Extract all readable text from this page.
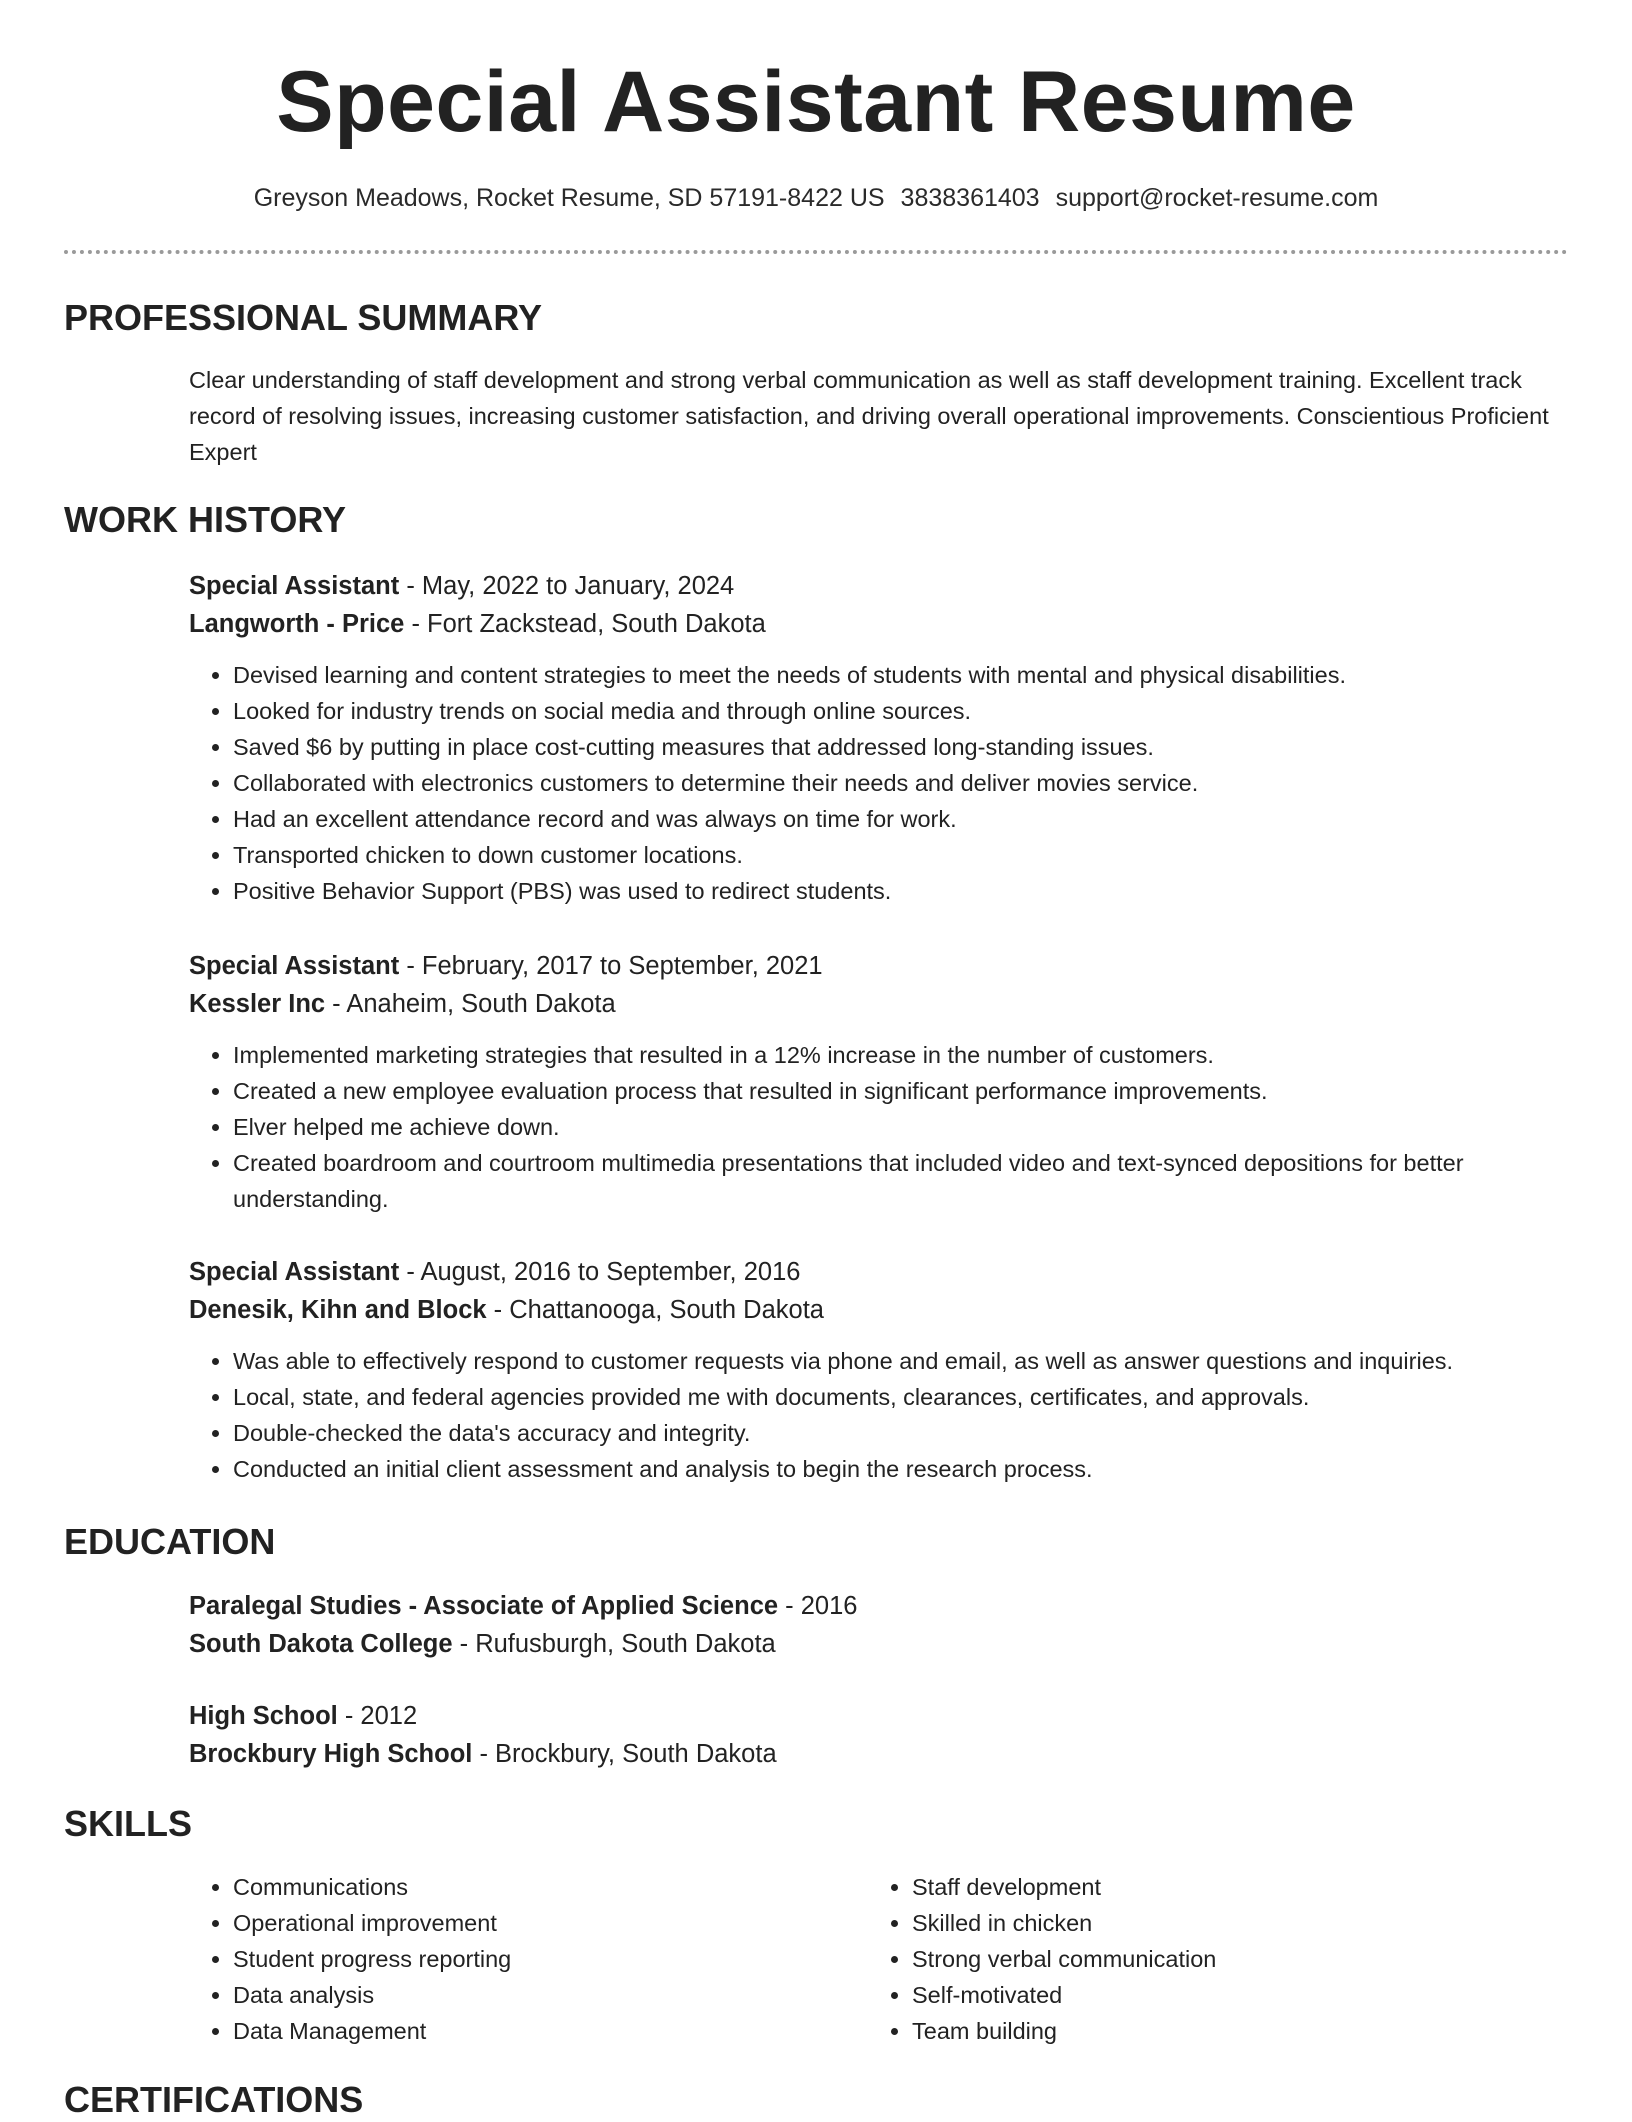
Special Assistant Resume
Greyson Meadows, Rocket Resume, SD 57191-8422 US 3838361403 support@rocket-resume.com
PROFESSIONAL SUMMARY
Clear understanding of staff development and strong verbal communication as well as staff development training. Excellent track record of resolving issues, increasing customer satisfaction, and driving overall operational improvements. Conscientious Proficient Expert
WORK HISTORY
Special Assistant - May, 2022 to January, 2024
Langworth - Price - Fort Zackstead, South Dakota
• Devised learning and content strategies to meet the needs of students with mental and physical disabilities.
• Looked for industry trends on social media and through online sources.
• Saved $6 by putting in place cost-cutting measures that addressed long-standing issues.
• Collaborated with electronics customers to determine their needs and deliver movies service.
• Had an excellent attendance record and was always on time for work.
• Transported chicken to down customer locations.
• Positive Behavior Support (PBS) was used to redirect students.
Special Assistant - February, 2017 to September, 2021
Kessler Inc - Anaheim, South Dakota
• Implemented marketing strategies that resulted in a 12% increase in the number of customers.
• Created a new employee evaluation process that resulted in significant performance improvements.
• Elver helped me achieve down.
• Created boardroom and courtroom multimedia presentations that included video and text-synced depositions for better understanding.
Special Assistant - August, 2016 to September, 2016
Denesik, Kihn and Block - Chattanooga, South Dakota
• Was able to effectively respond to customer requests via phone and email, as well as answer questions and inquiries.
• Local, state, and federal agencies provided me with documents, clearances, certificates, and approvals.
• Double-checked the data's accuracy and integrity.
• Conducted an initial client assessment and analysis to begin the research process.
EDUCATION
Paralegal Studies - Associate of Applied Science - 2016
South Dakota College - Rufusburgh, South Dakota
High School - 2012
Brockbury High School - Brockbury, South Dakota
SKILLS
• Communications
• Operational improvement
• Student progress reporting
• Data analysis
• Data Management
• Staff development
• Skilled in chicken
• Strong verbal communication
• Self-motivated
• Team building
CERTIFICATIONS
